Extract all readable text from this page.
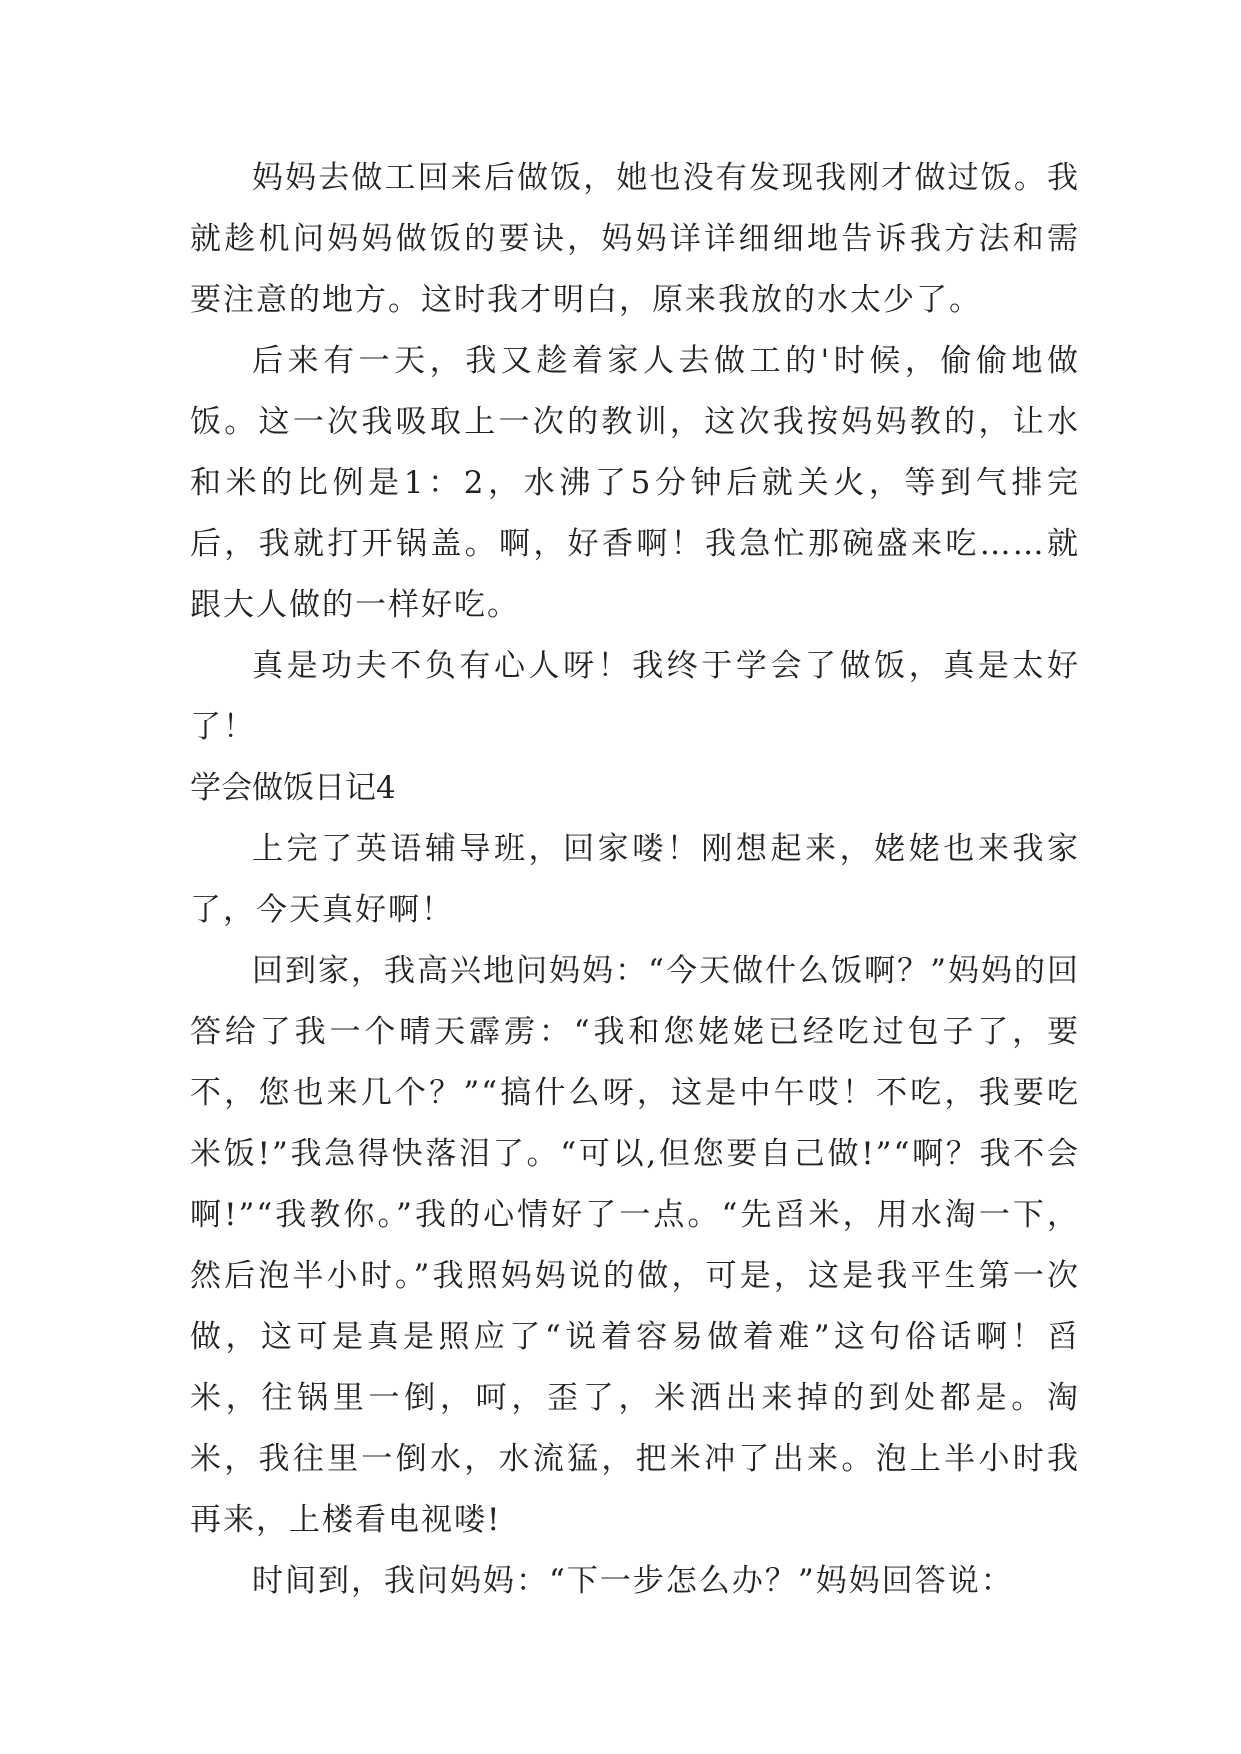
妈妈去做工回来后做饭，她也没有发现我刚才做过饭。我就趁机问妈妈做饭的要诀，妈妈详详细细地告诉我方法和需要注意的地方。这时我才明白，原来我放的水太少了。

后来有一天，我又趁着家人去做工的'时候，偷偷地做饭。这一次我吸取上一次的教训，这次我按妈妈教的，让水和米的比例是1：2，水沸了5分钟后就关火，等到气排完后，我就打开锅盖。啊，好香啊！我急忙那碗盛来吃……就跟大人做的一样好吃。

真是功夫不负有心人呀！我终于学会了做饭，真是太好了！

学会做饭日记4

上完了英语辅导班，回家喽！刚想起来，姥姥也来我家了，今天真好啊！

回到家，我高兴地问妈妈：“今天做什么饭啊？”妈妈的回答给了我一个晴天霹雳：“我和您姥姥已经吃过包子了，要不，您也来几个？”“搞什么呀，这是中午哎！不吃，我要吃米饭!”我急得快落泪了。“可以,但您要自己做!”“啊？我不会啊!”“我教你。”我的心情好了一点。“先舀米，用水淘一下，然后泡半小时。”我照妈妈说的做，可是，这是我平生第一次做，这可是真是照应了“说着容易做着难”这句俗话啊！舀米，往锅里一倒，呵，歪了，米洒出来掉的到处都是。淘米，我往里一倒水，水流猛，把米冲了出来。泡上半小时我再来，上楼看电视喽!

时间到，我问妈妈：“下一步怎么办？”妈妈回答说：
